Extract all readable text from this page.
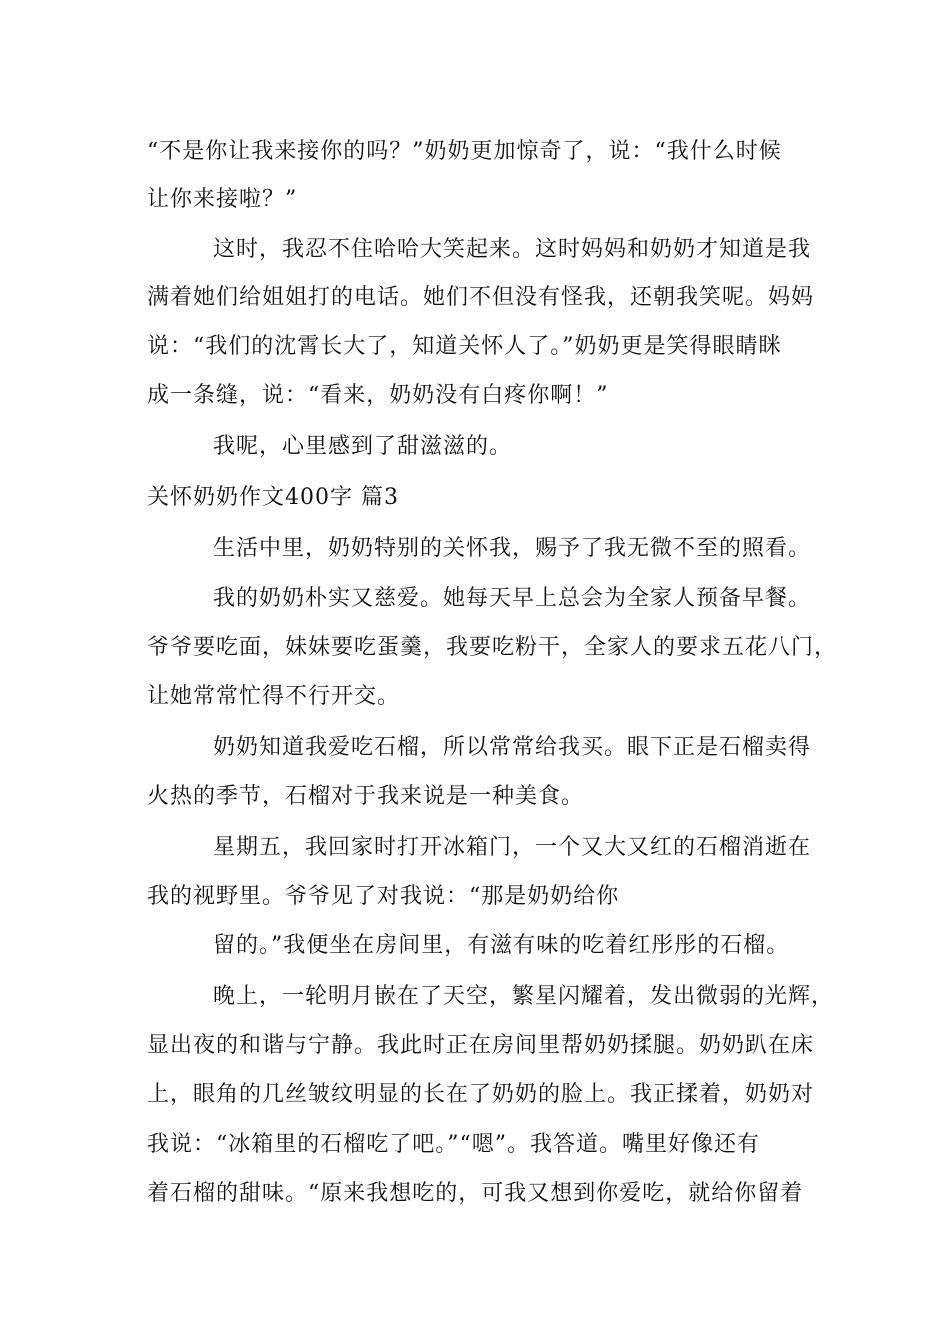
“不是你让我来接你的吗？”奶奶更加惊奇了，说：“我什么时候
让你来接啦？”
这时，我忍不住哈哈大笑起来。这时妈妈和奶奶才知道是我
满着她们给姐姐打的电话。她们不但没有怪我，还朝我笑呢。妈妈
说：“我们的沈霄长大了，知道关怀人了。”奶奶更是笑得眼睛眯
成一条缝，说：“看来，奶奶没有白疼你啊！”
我呢，心里感到了甜滋滋的。
关怀奶奶作文400字 篇3
生活中里，奶奶特别的关怀我，赐予了我无微不至的照看。
我的奶奶朴实又慈爱。她每天早上总会为全家人预备早餐。
爷爷要吃面，妹妹要吃蛋羹，我要吃粉干，全家人的要求五花八门，
让她常常忙得不行开交。
奶奶知道我爱吃石榴，所以常常给我买。眼下正是石榴卖得
火热的季节，石榴对于我来说是一种美食。
星期五，我回家时打开冰箱门，一个又大又红的石榴消逝在
我的视野里。爷爷见了对我说：“那是奶奶给你
留的。”我便坐在房间里，有滋有味的吃着红彤彤的石榴。
晚上，一轮明月嵌在了天空，繁星闪耀着，发出微弱的光辉，
显出夜的和谐与宁静。我此时正在房间里帮奶奶揉腿。奶奶趴在床
上，眼角的几丝皱纹明显的长在了奶奶的脸上。我正揉着，奶奶对
我说：“冰箱里的石榴吃了吧。”“嗯”。我答道。嘴里好像还有
着石榴的甜味。“原来我想吃的，可我又想到你爱吃，就给你留着
